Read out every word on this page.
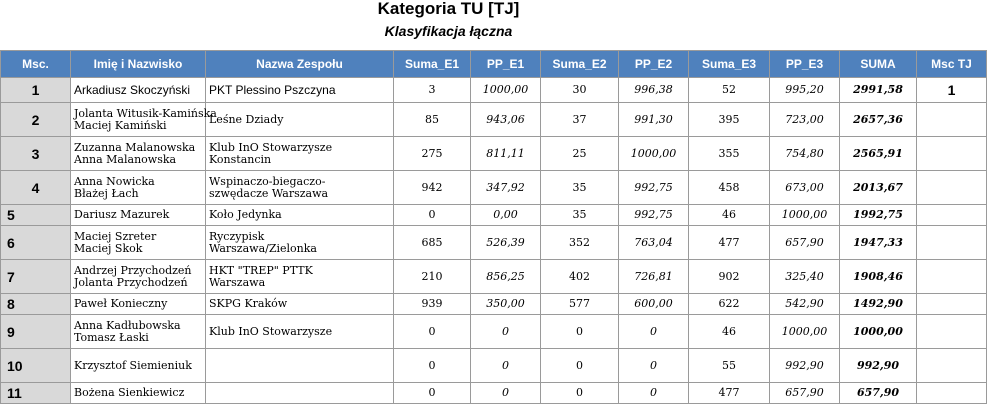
Kategoria TU [TJ]
Klasyfikacja łączna
Msc.	Imię i Nazwisko	Nazwa Zespołu	Suma_E1	PP_E1	Suma_E2	PP_E2	Suma_E3	PP_E3	SUMA	Msc TJ
1	Arkadiusz Skoczyński	PKT Plessino Pszczyna	3	1000,00	30	996,38	52	995,20	2991,58	1
2	Jolanta Witusik-Kamińska
Maciej Kamiński	Leśne Dziady	85	943,06	37	991,30	395	723,00	2657,36	
3	Zuzanna Malanowska
Anna Malanowska	Klub InO Stowarzysze
Konstancin	275	811,11	25	1000,00	355	754,80	2565,91	
4	Anna Nowicka
Błażej Łach	Wspinaczo-biegaczo-
szwędacze Warszawa	942	347,92	35	992,75	458	673,00	2013,67	
5	Dariusz Mazurek	Koło Jedynka	0	0,00	35	992,75	46	1000,00	1992,75	
6	Maciej Szreter
Maciej Skok	Ryczypisk
Warszawa/Zielonka	685	526,39	352	763,04	477	657,90	1947,33	
7	Andrzej Przychodzeń
Jolanta Przychodzeń	HKT "TREP" PTTK
Warszawa	210	856,25	402	726,81	902	325,40	1908,46	
8	Paweł Konieczny	SKPG Kraków	939	350,00	577	600,00	622	542,90	1492,90	
9	Anna Kadłubowska
Tomasz Łaski	Klub InO Stowarzysze	0	0	0	0	46	1000,00	1000,00	
10	Krzysztof Siemieniuk		0	0	0	0	55	992,90	992,90	
11	Bożena Sienkiewicz		0	0	0	0	477	657,90	657,90	
